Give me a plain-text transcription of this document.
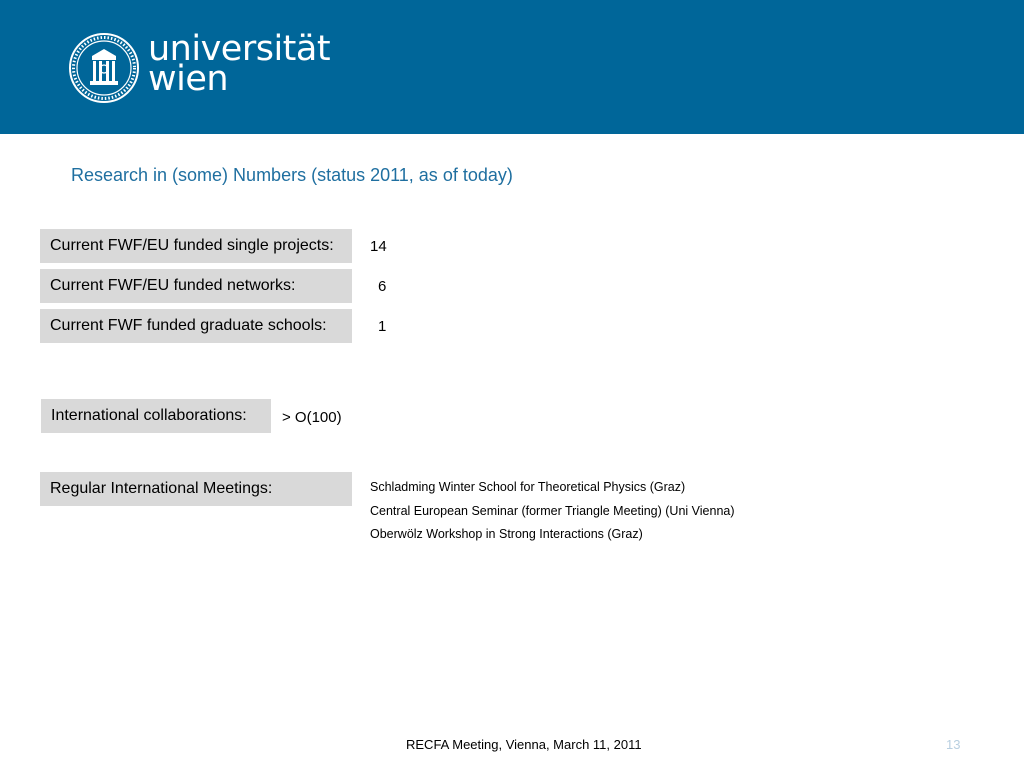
universität
wien
Research in (some) Numbers (status 2011, as of today)
Current FWF/EU funded single projects:	14
Current FWF/EU funded networks:	6
Current FWF funded graduate schools:	1
International collaborations:	> O(100)
Regular International Meetings:	Schladming Winter School for Theoretical Physics (Graz)
Central European Seminar (former Triangle Meeting) (Uni Vienna)
Oberwölz Workshop in Strong Interactions (Graz)
RECFA Meeting, Vienna, March 11, 2011	13
